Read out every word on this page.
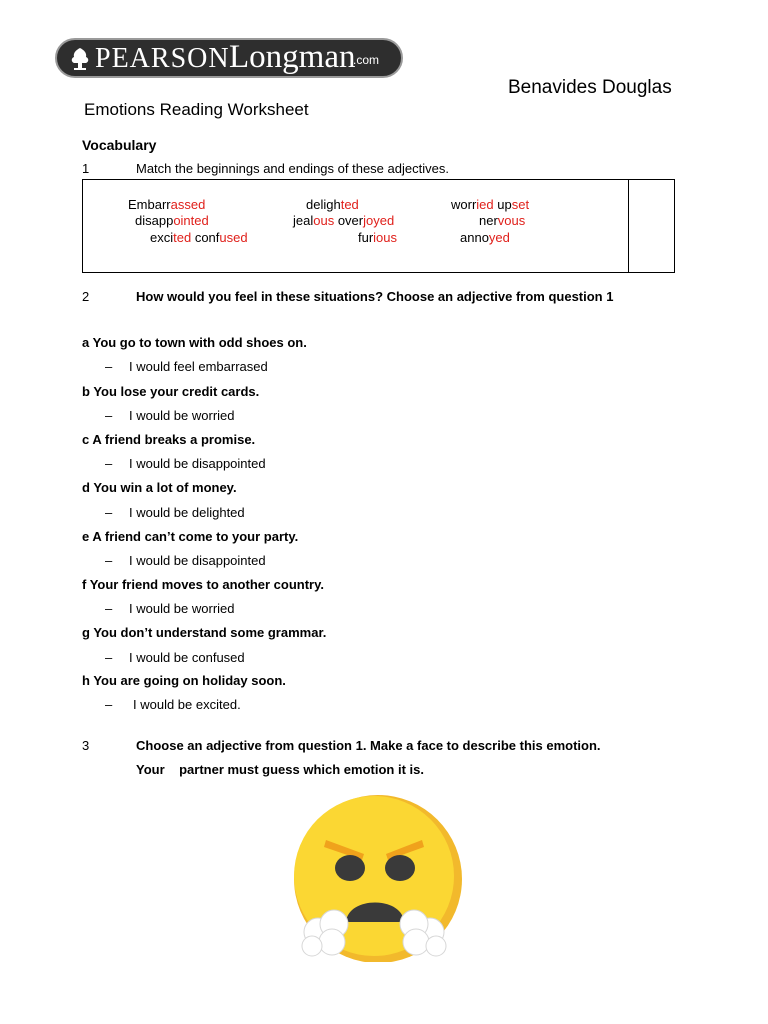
PEARSON Longman
.com
Benavides Douglas
Emotions Reading Worksheet
Vocabulary
1	Match the beginnings and endings of these adjectives.
Embarrassed	delighted	worried upset
disappointed	jealous overjoyed	nervous
excited confused	furious	annoyed
2	How would you feel in these situations? Choose an adjective from question 1
a You go to town with odd shoes on.
– I would feel embarrased
b You lose your credit cards.
– I would be worried
c A friend breaks a promise.
– I would be disappointed
d You win a lot of money.
– I would be delighted
e A friend can’t come to your party.
– I would be disappointed
f Your friend moves to another country.
– I would be worried
g You don’t understand some grammar.
– I would be confused
h You are going on holiday soon.
– I would be excited.
3	Choose an adjective from question 1. Make a face to describe this emotion.
Your    partner must guess which emotion it is.
